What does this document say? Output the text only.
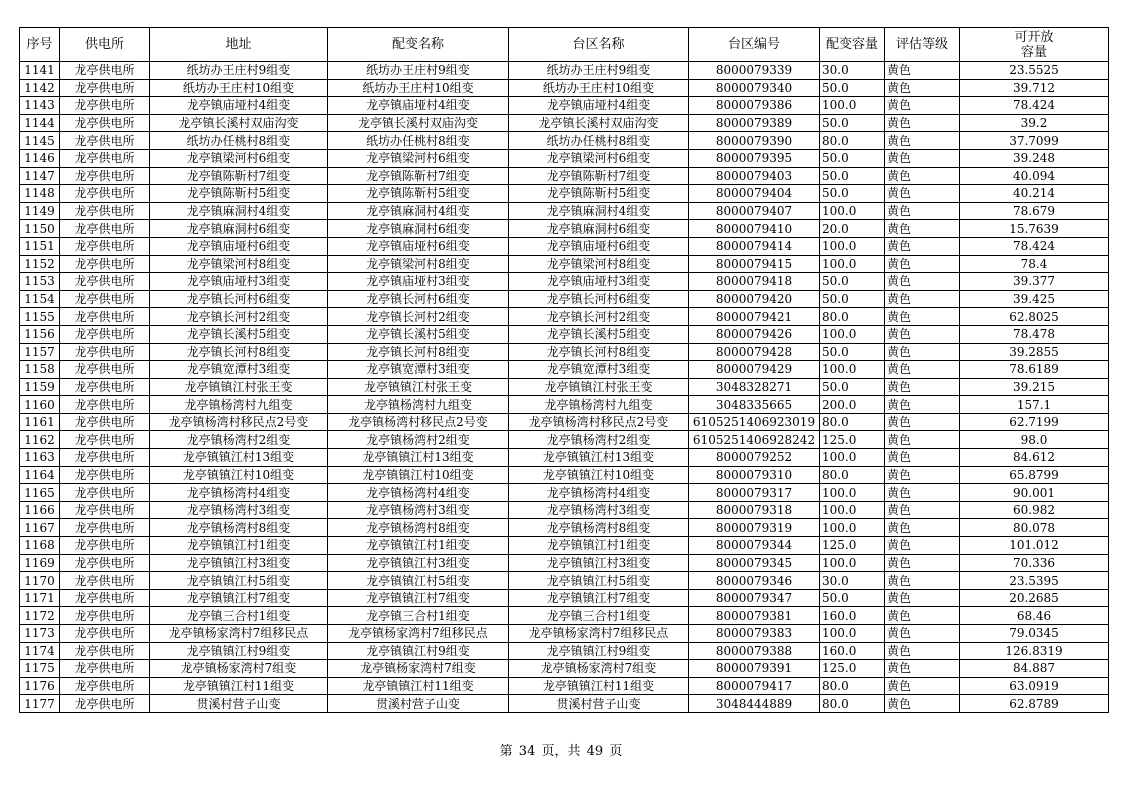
序号	供电所	地址	配变名称	台区名称	台区编号	配变容量	评估等级	可开放
容量

1141	龙亭供电所	纸坊办王庄村9组变	纸坊办王庄村9组变	纸坊办王庄村9组变	8000079339	30.0	黄色	23.5525
1142	龙亭供电所	纸坊办王庄村10组变	纸坊办王庄村10组变	纸坊办王庄村10组变	8000079340	50.0	黄色	39.712
1143	龙亭供电所	龙亭镇庙垭村4组变	龙亭镇庙垭村4组变	龙亭镇庙垭村4组变	8000079386	100.0	黄色	78.424
1144	龙亭供电所	龙亭镇长溪村双庙沟变	龙亭镇长溪村双庙沟变	龙亭镇长溪村双庙沟变	8000079389	50.0	黄色	39.2
1145	龙亭供电所	纸坊办任桃村8组变	纸坊办任桃村8组变	纸坊办任桃村8组变	8000079390	80.0	黄色	37.7099
1146	龙亭供电所	龙亭镇梁河村6组变	龙亭镇梁河村6组变	龙亭镇梁河村6组变	8000079395	50.0	黄色	39.248
1147	龙亭供电所	龙亭镇陈靳村7组变	龙亭镇陈靳村7组变	龙亭镇陈靳村7组变	8000079403	50.0	黄色	40.094
1148	龙亭供电所	龙亭镇陈靳村5组变	龙亭镇陈靳村5组变	龙亭镇陈靳村5组变	8000079404	50.0	黄色	40.214
1149	龙亭供电所	龙亭镇麻洞村4组变	龙亭镇麻洞村4组变	龙亭镇麻洞村4组变	8000079407	100.0	黄色	78.679
1150	龙亭供电所	龙亭镇麻洞村6组变	龙亭镇麻洞村6组变	龙亭镇麻洞村6组变	8000079410	20.0	黄色	15.7639
1151	龙亭供电所	龙亭镇庙垭村6组变	龙亭镇庙垭村6组变	龙亭镇庙垭村6组变	8000079414	100.0	黄色	78.424
1152	龙亭供电所	龙亭镇梁河村8组变	龙亭镇梁河村8组变	龙亭镇梁河村8组变	8000079415	100.0	黄色	78.4
1153	龙亭供电所	龙亭镇庙垭村3组变	龙亭镇庙垭村3组变	龙亭镇庙垭村3组变	8000079418	50.0	黄色	39.377
1154	龙亭供电所	龙亭镇长河村6组变	龙亭镇长河村6组变	龙亭镇长河村6组变	8000079420	50.0	黄色	39.425
1155	龙亭供电所	龙亭镇长河村2组变	龙亭镇长河村2组变	龙亭镇长河村2组变	8000079421	80.0	黄色	62.8025
1156	龙亭供电所	龙亭镇长溪村5组变	龙亭镇长溪村5组变	龙亭镇长溪村5组变	8000079426	100.0	黄色	78.478
1157	龙亭供电所	龙亭镇长河村8组变	龙亭镇长河村8组变	龙亭镇长河村8组变	8000079428	50.0	黄色	39.2855
1158	龙亭供电所	龙亭镇宽潭村3组变	龙亭镇宽潭村3组变	龙亭镇宽潭村3组变	8000079429	100.0	黄色	78.6189
1159	龙亭供电所	龙亭镇镇江村张王变	龙亭镇镇江村张王变	龙亭镇镇江村张王变	3048328271	50.0	黄色	39.215
1160	龙亭供电所	龙亭镇杨湾村九组变	龙亭镇杨湾村九组变	龙亭镇杨湾村九组变	3048335665	200.0	黄色	157.1
1161	龙亭供电所	龙亭镇杨湾村移民点2号变	龙亭镇杨湾村移民点2号变	龙亭镇杨湾村移民点2号变	6105251406923019	80.0	黄色	62.7199
1162	龙亭供电所	龙亭镇杨湾村2组变	龙亭镇杨湾村2组变	龙亭镇杨湾村2组变	6105251406928242	125.0	黄色	98.0
1163	龙亭供电所	龙亭镇镇江村13组变	龙亭镇镇江村13组变	龙亭镇镇江村13组变	8000079252	100.0	黄色	84.612
1164	龙亭供电所	龙亭镇镇江村10组变	龙亭镇镇江村10组变	龙亭镇镇江村10组变	8000079310	80.0	黄色	65.8799
1165	龙亭供电所	龙亭镇杨湾村4组变	龙亭镇杨湾村4组变	龙亭镇杨湾村4组变	8000079317	100.0	黄色	90.001
1166	龙亭供电所	龙亭镇杨湾村3组变	龙亭镇杨湾村3组变	龙亭镇杨湾村3组变	8000079318	100.0	黄色	60.982
1167	龙亭供电所	龙亭镇杨湾村8组变	龙亭镇杨湾村8组变	龙亭镇杨湾村8组变	8000079319	100.0	黄色	80.078
1168	龙亭供电所	龙亭镇镇江村1组变	龙亭镇镇江村1组变	龙亭镇镇江村1组变	8000079344	125.0	黄色	101.012
1169	龙亭供电所	龙亭镇镇江村3组变	龙亭镇镇江村3组变	龙亭镇镇江村3组变	8000079345	100.0	黄色	70.336
1170	龙亭供电所	龙亭镇镇江村5组变	龙亭镇镇江村5组变	龙亭镇镇江村5组变	8000079346	30.0	黄色	23.5395
1171	龙亭供电所	龙亭镇镇江村7组变	龙亭镇镇江村7组变	龙亭镇镇江村7组变	8000079347	50.0	黄色	20.2685
1172	龙亭供电所	龙亭镇三合村1组变	龙亭镇三合村1组变	龙亭镇三合村1组变	8000079381	160.0	黄色	68.46
1173	龙亭供电所	龙亭镇杨家湾村7组移民点	龙亭镇杨家湾村7组移民点	龙亭镇杨家湾村7组移民点	8000079383	100.0	黄色	79.0345
1174	龙亭供电所	龙亭镇镇江村9组变	龙亭镇镇江村9组变	龙亭镇镇江村9组变	8000079388	160.0	黄色	126.8319
1175	龙亭供电所	龙亭镇杨家湾村7组变	龙亭镇杨家湾村7组变	龙亭镇杨家湾村7组变	8000079391	125.0	黄色	84.887
1176	龙亭供电所	龙亭镇镇江村11组变	龙亭镇镇江村11组变	龙亭镇镇江村11组变	8000079417	80.0	黄色	63.0919
1177	龙亭供电所	贯溪村营子山变	贯溪村营子山变	贯溪村营子山变	3048444889	80.0	黄色	62.8789
第 34 页，共 49 页
